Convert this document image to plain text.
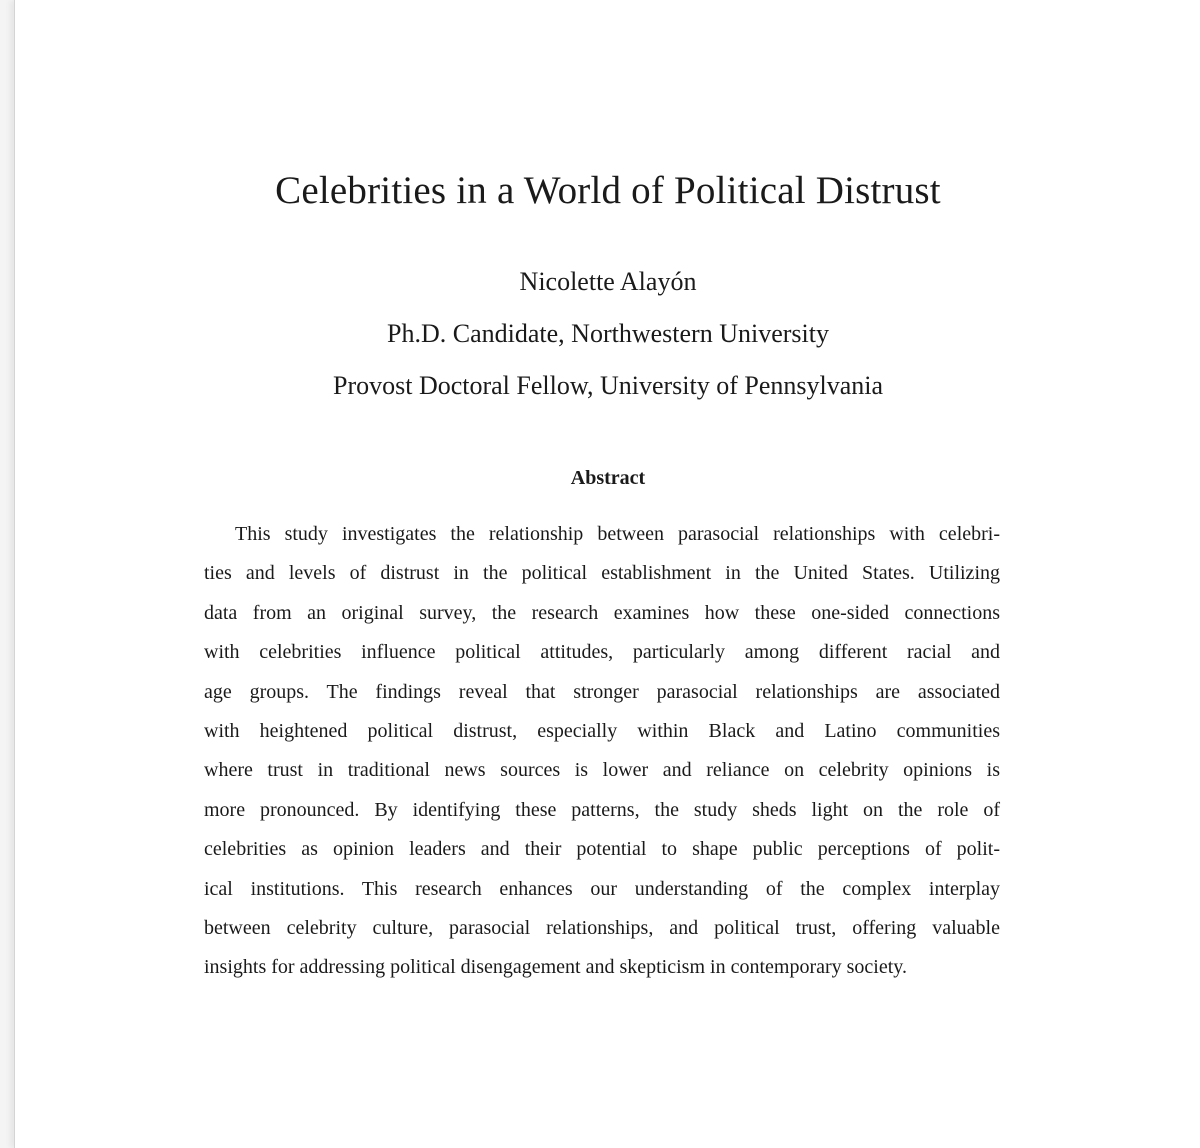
Celebrities in a World of Political Distrust

Nicolette Alayón

Ph.D. Candidate, Northwestern University

Provost Doctoral Fellow, University of Pennsylvania

Abstract
This study investigates the relationship between parasocial relationships with celebri-
ties and levels of distrust in the political establishment in the United States. Utilizing
data from an original survey, the research examines how these one-sided connections
with celebrities influence political attitudes, particularly among different racial and
age groups. The findings reveal that stronger parasocial relationships are associated
with heightened political distrust, especially within Black and Latino communities
where trust in traditional news sources is lower and reliance on celebrity opinions is
more pronounced. By identifying these patterns, the study sheds light on the role of
celebrities as opinion leaders and their potential to shape public perceptions of polit-
ical institutions. This research enhances our understanding of the complex interplay
between celebrity culture, parasocial relationships, and political trust, offering valuable
insights for addressing political disengagement and skepticism in contemporary society.
